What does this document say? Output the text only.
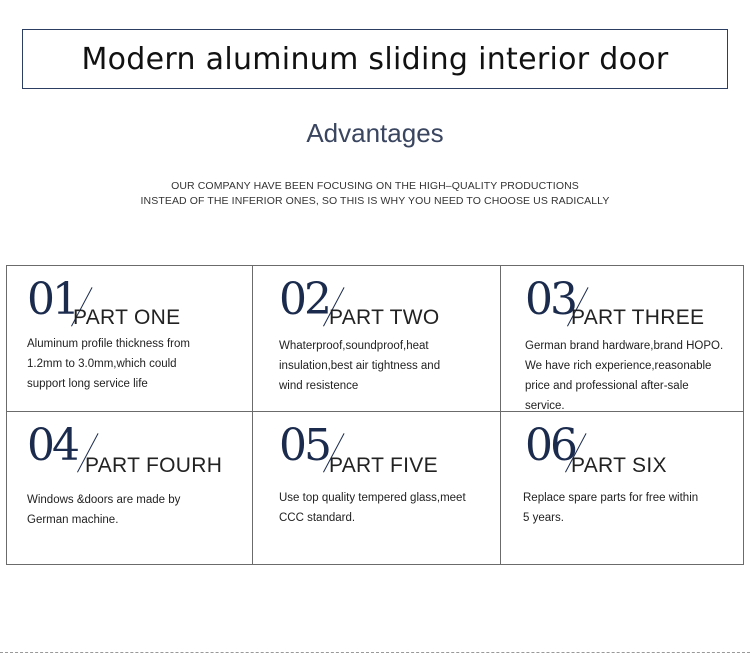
Modern aluminum sliding interior door
Advantages
OUR COMPANY HAVE BEEN FOCUSING ON THE HIGH–QUALITY PRODUCTIONS
INSTEAD OF THE INFERIOR ONES, SO THIS IS WHY YOU NEED TO CHOOSE US RADICALLY
01
PART ONE
Aluminum profile thickness from
1.2mm to 3.0mm,which could
support long service life
02 PART TWO
Whaterproof,soundproof,heat
insulation,best air tightness and
wind resistence
03
PART THREE
German brand hardware,brand HOPO.
We have rich experience,reasonable
price and professional after-sale
service.
04 PART FOURH
Windows &doors are made by
German machine.
05 PART FIVE
Use top quality tempered glass,meet
CCC standard.
06
PART SIX
Replace spare parts for free within
5 years.
